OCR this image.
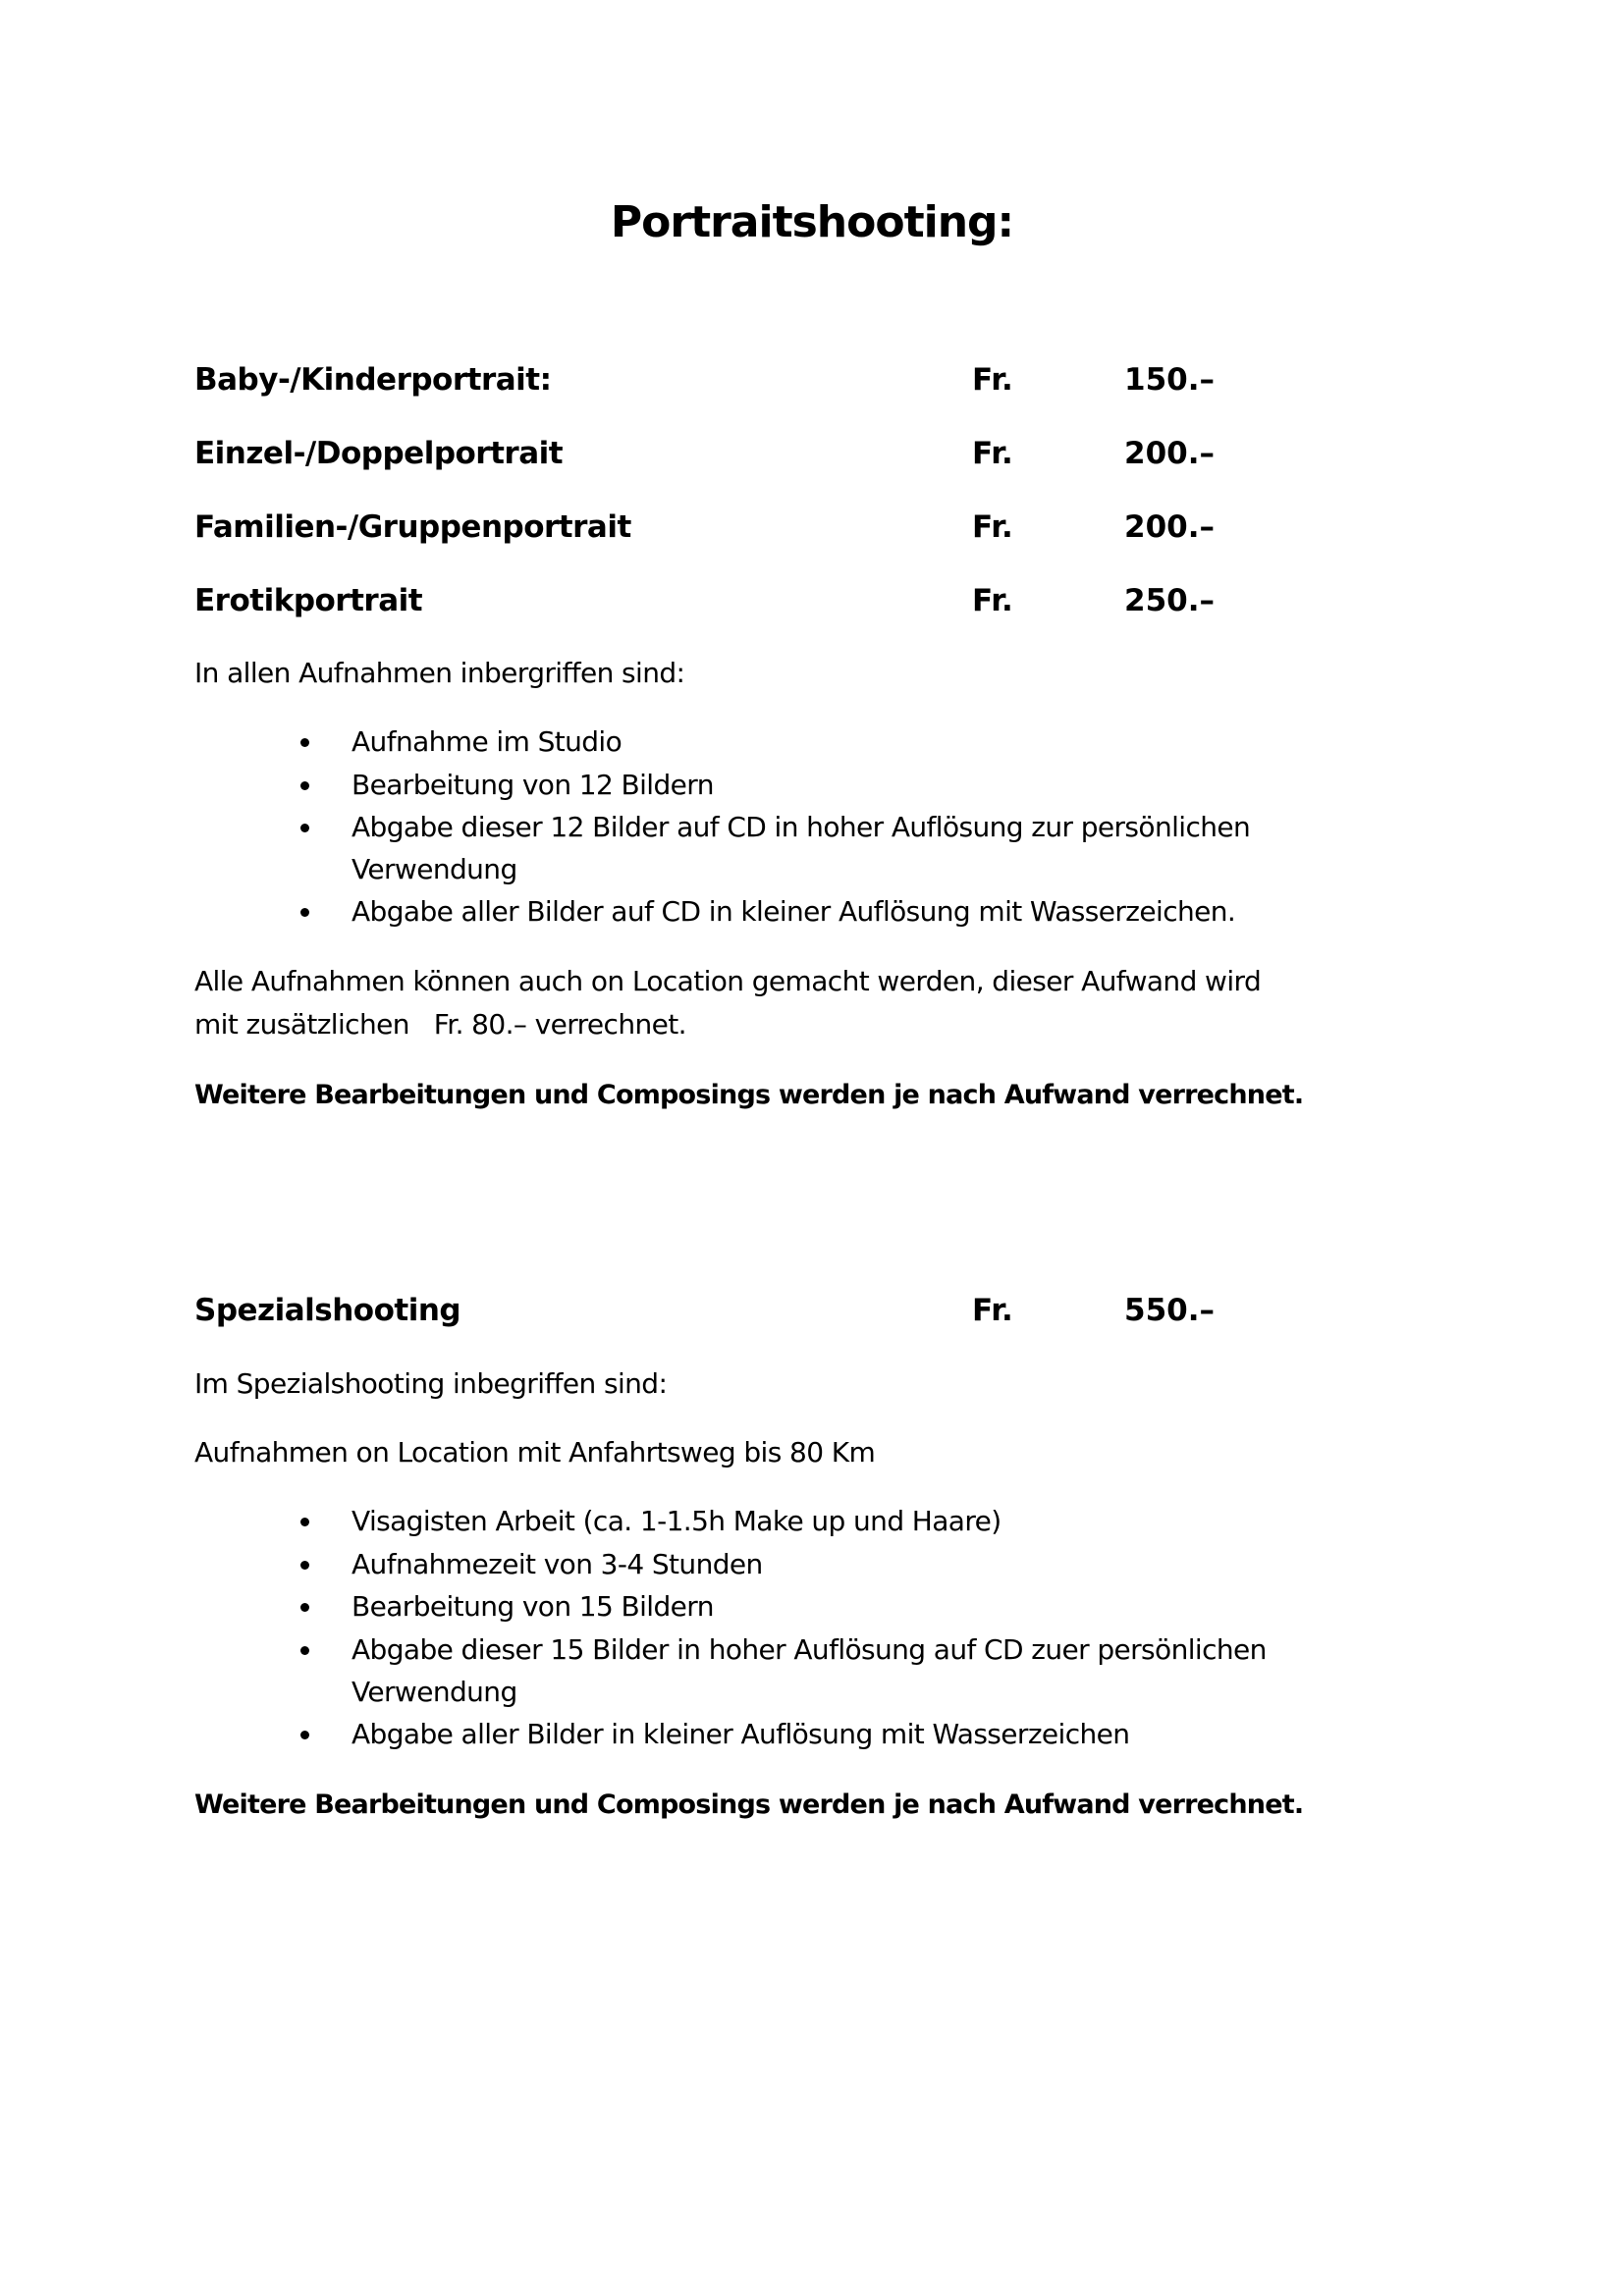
Portraitshooting:
Baby-/Kinderportrait:	Fr.	150.–
Einzel-/Doppelportrait	Fr.	200.–
Familien-/Gruppenportrait	Fr.	200.–
Erotikportrait	Fr.	250.–
In allen Aufnahmen inbergriffen sind:
Aufnahme im Studio
Bearbeitung von 12 Bildern
Abgabe dieser 12 Bilder auf CD in hoher Auflösung zur persönlichen
Verwendung
Abgabe aller Bilder auf CD in kleiner Auflösung mit Wasserzeichen.
Alle Aufnahmen können auch on Location gemacht werden, dieser Aufwand wird
mit zusätzlichen   Fr. 80.– verrechnet.
Weitere Bearbeitungen und Composings werden je nach Aufwand verrechnet.
Spezialshooting	Fr.	550.–
Im Spezialshooting inbegriffen sind:
Aufnahmen on Location mit Anfahrtsweg bis 80 Km
Visagisten Arbeit (ca. 1-1.5h Make up und Haare)
Aufnahmezeit von 3-4 Stunden
Bearbeitung von 15 Bildern
Abgabe dieser 15 Bilder in hoher Auflösung auf CD zuer persönlichen
Verwendung
Abgabe aller Bilder in kleiner Auflösung mit Wasserzeichen
Weitere Bearbeitungen und Composings werden je nach Aufwand verrechnet.
